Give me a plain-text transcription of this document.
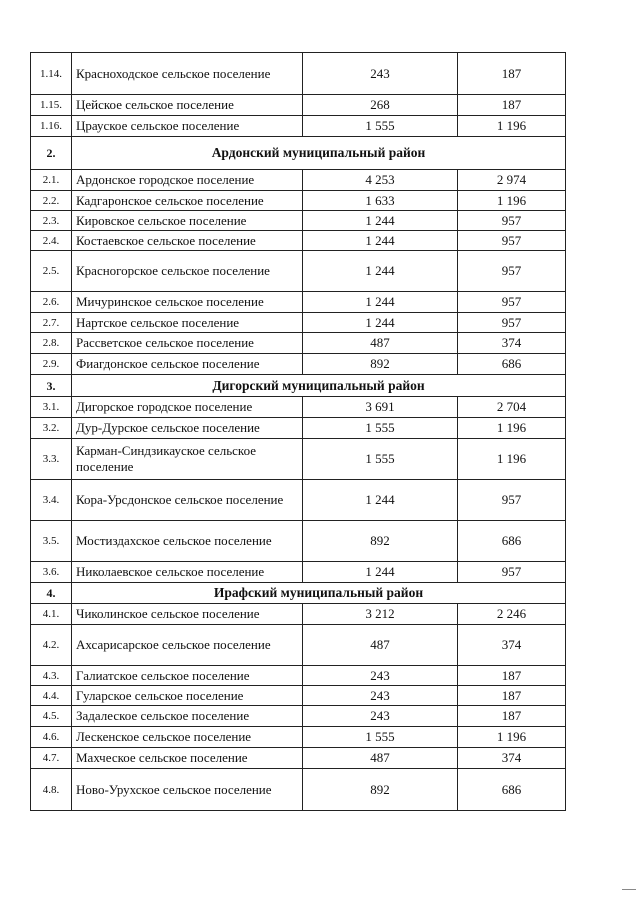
1.14.	Красноходское сельское поселение	243	187
1.15.	Цейское сельское поселение	268	187
1.16.	Црауское сельское поселение	1 555	1 196
2.	Ардонский муниципальный район		
2.1.	Ардонское городское поселение	4 253	2 974
2.2.	Кадгаронское сельское поселение	1 633	1 196
2.3.	Кировское сельское поселение	1 244	957
2.4.	Костаевское сельское поселение	1 244	957
2.5.	Красногорское сельское поселение	1 244	957
2.6.	Мичуринское сельское поселение	1 244	957
2.7.	Нартское сельское поселение	1 244	957
2.8.	Рассветское сельское поселение	487	374
2.9.	Фиагдонское сельское поселение	892	686
3.	Дигорский муниципальный район		
3.1.	Дигорское городское поселение	3 691	2 704
3.2.	Дур-Дурское сельское поселение	1 555	1 196
3.3.	Карман-Синдзикауское сельское поселение	1 555	1 196
3.4.	Кора-Урсдонское сельское поселение	1 244	957
3.5.	Мостиздахское сельское поселение	892	686
3.6.	Николаевское сельское поселение	1 244	957
4.	Ирафский муниципальный район		
4.1.	Чиколинское сельское поселение	3 212	2 246
4.2.	Ахсарисарское сельское поселение	487	374
4.3.	Галиатское сельское поселение	243	187
4.4.	Гуларское сельское поселение	243	187
4.5.	Задалеское сельское поселение	243	187
4.6.	Лескенское сельское поселение	1 555	1 196
4.7.	Махческое сельское поселение	487	374
4.8.	Ново-Урухское сельское поселение	892	686
